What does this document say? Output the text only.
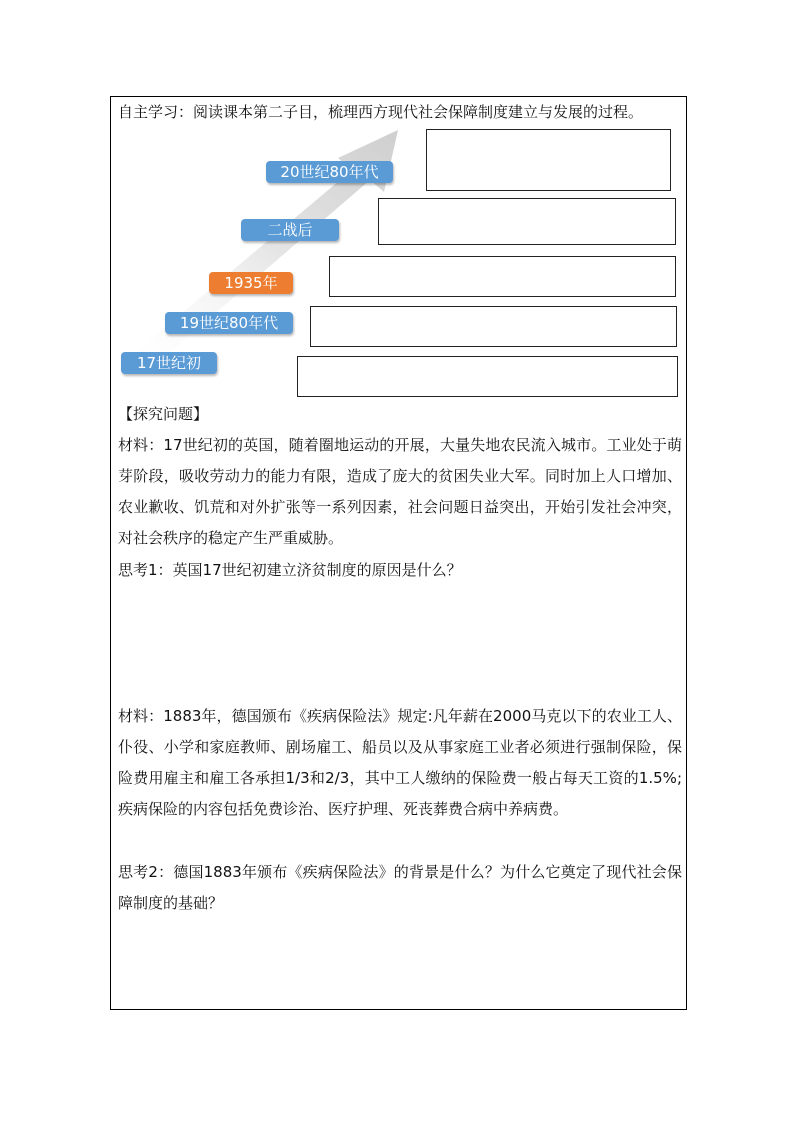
自主学习：阅读课本第二子目，梳理西方现代社会保障制度建立与发展的过程。
20世纪80年代
二战后
1935年
19世纪80年代
17世纪初
【探究问题】
材料：17世纪初的英国，随着圈地运动的开展，大量失地农民流入城市。工业处于萌芽阶段，吸收劳动力的能力有限，造成了庞大的贫困失业大军。同时加上人口增加、农业歉收、饥荒和对外扩张等一系列因素，社会问题日益突出，开始引发社会冲突，对社会秩序的稳定产生严重威胁。
思考1：英国17世纪初建立济贫制度的原因是什么？
材料：1883年，德国颁布《疾病保险法》规定:凡年薪在2000马克以下的农业工人、仆役、小学和家庭教师、剧场雇工、船员以及从事家庭工业者必须进行强制保险，保险费用雇主和雇工各承担1/3和2/3，其中工人缴纳的保险费一般占每天工资的1.5%;疾病保险的内容包括免费诊治、医疗护理、死丧葬费合病中养病费。
思考2：德国1883年颁布《疾病保险法》的背景是什么？为什么它奠定了现代社会保障制度的基础？
